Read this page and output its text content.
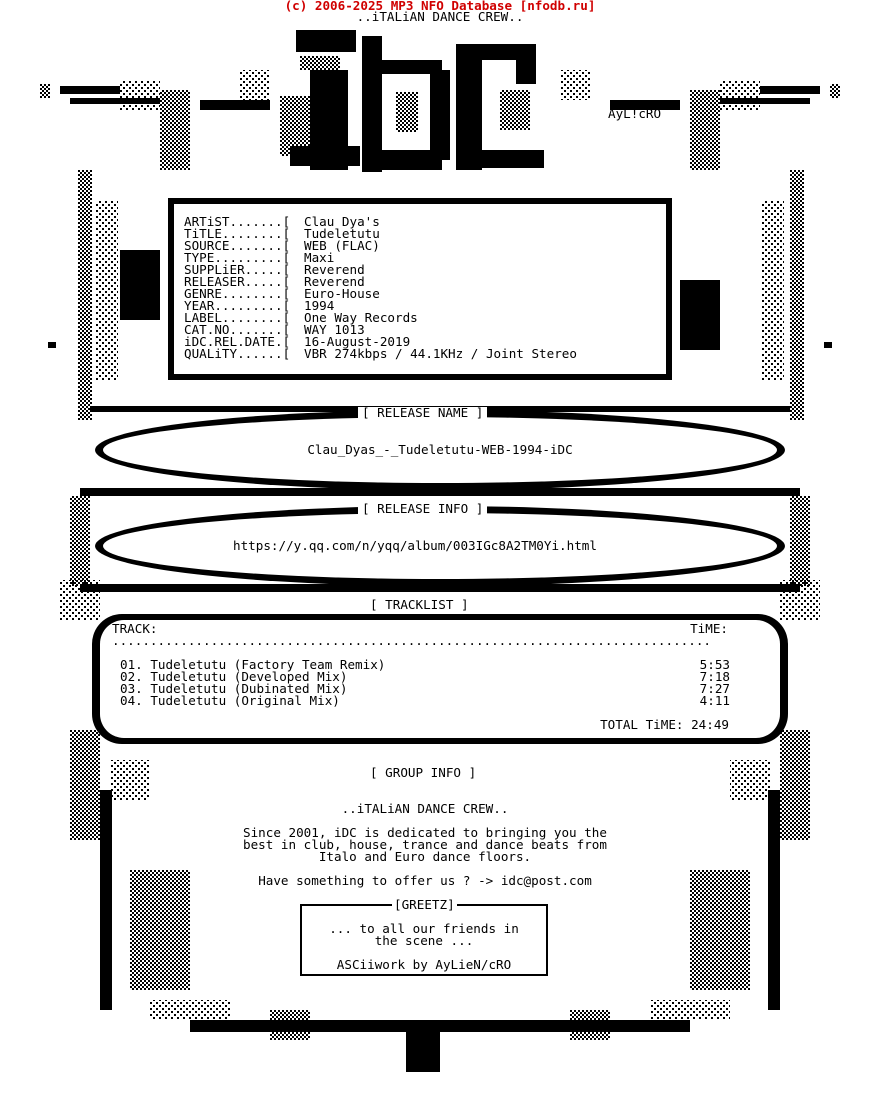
(c) 2006-2025 MP3 NFO Database [nfodb.ru]
..iTALiAN DANCE CREW..
AyL!cRO
ARTiST.......[ Clau Dya's
TiTLE........[ Tudeletutu
SOURCE.......[ WEB (FLAC)
TYPE.........[ Maxi
SUPPLiER.....[ Reverend
RELEASER.....[ Reverend
GENRE........[ Euro-House
YEAR.........[ 1994
LABEL........[ One Way Records
CAT.NO.......[ WAY 1013
iDC.REL.DATE.[ 16-August-2019
QUALiTY......[ VBR 274kbps / 44.1KHz / Joint Stereo
[ RELEASE NAME ]
Clau_Dyas_-_Tudeletutu-WEB-1994-iDC
[ RELEASE INFO ]
https://y.qq.com/n/yqq/album/003IGc8A2TM0Yi.html
[ TRACKLIST ]
TRACK:	TiME:
...............................................................................
01. Tudeletutu (Factory Team Remix)	5:53
02. Tudeletutu (Developed Mix)	7:18
03. Tudeletutu (Dubinated Mix)	7:27
04. Tudeletutu (Original Mix)	4:11
TOTAL TiME: 24:49
[ GROUP INFO ]
..iTALiAN DANCE CREW..
Since 2001, iDC is dedicated to bringing you the
best in club, house, trance and dance beats from
Italo and Euro dance floors.
Have something to offer us ? -> idc@post.com
[GREETZ]
... to all our friends in
the scene ...
ASCiiwork by AyLieN/cRO
